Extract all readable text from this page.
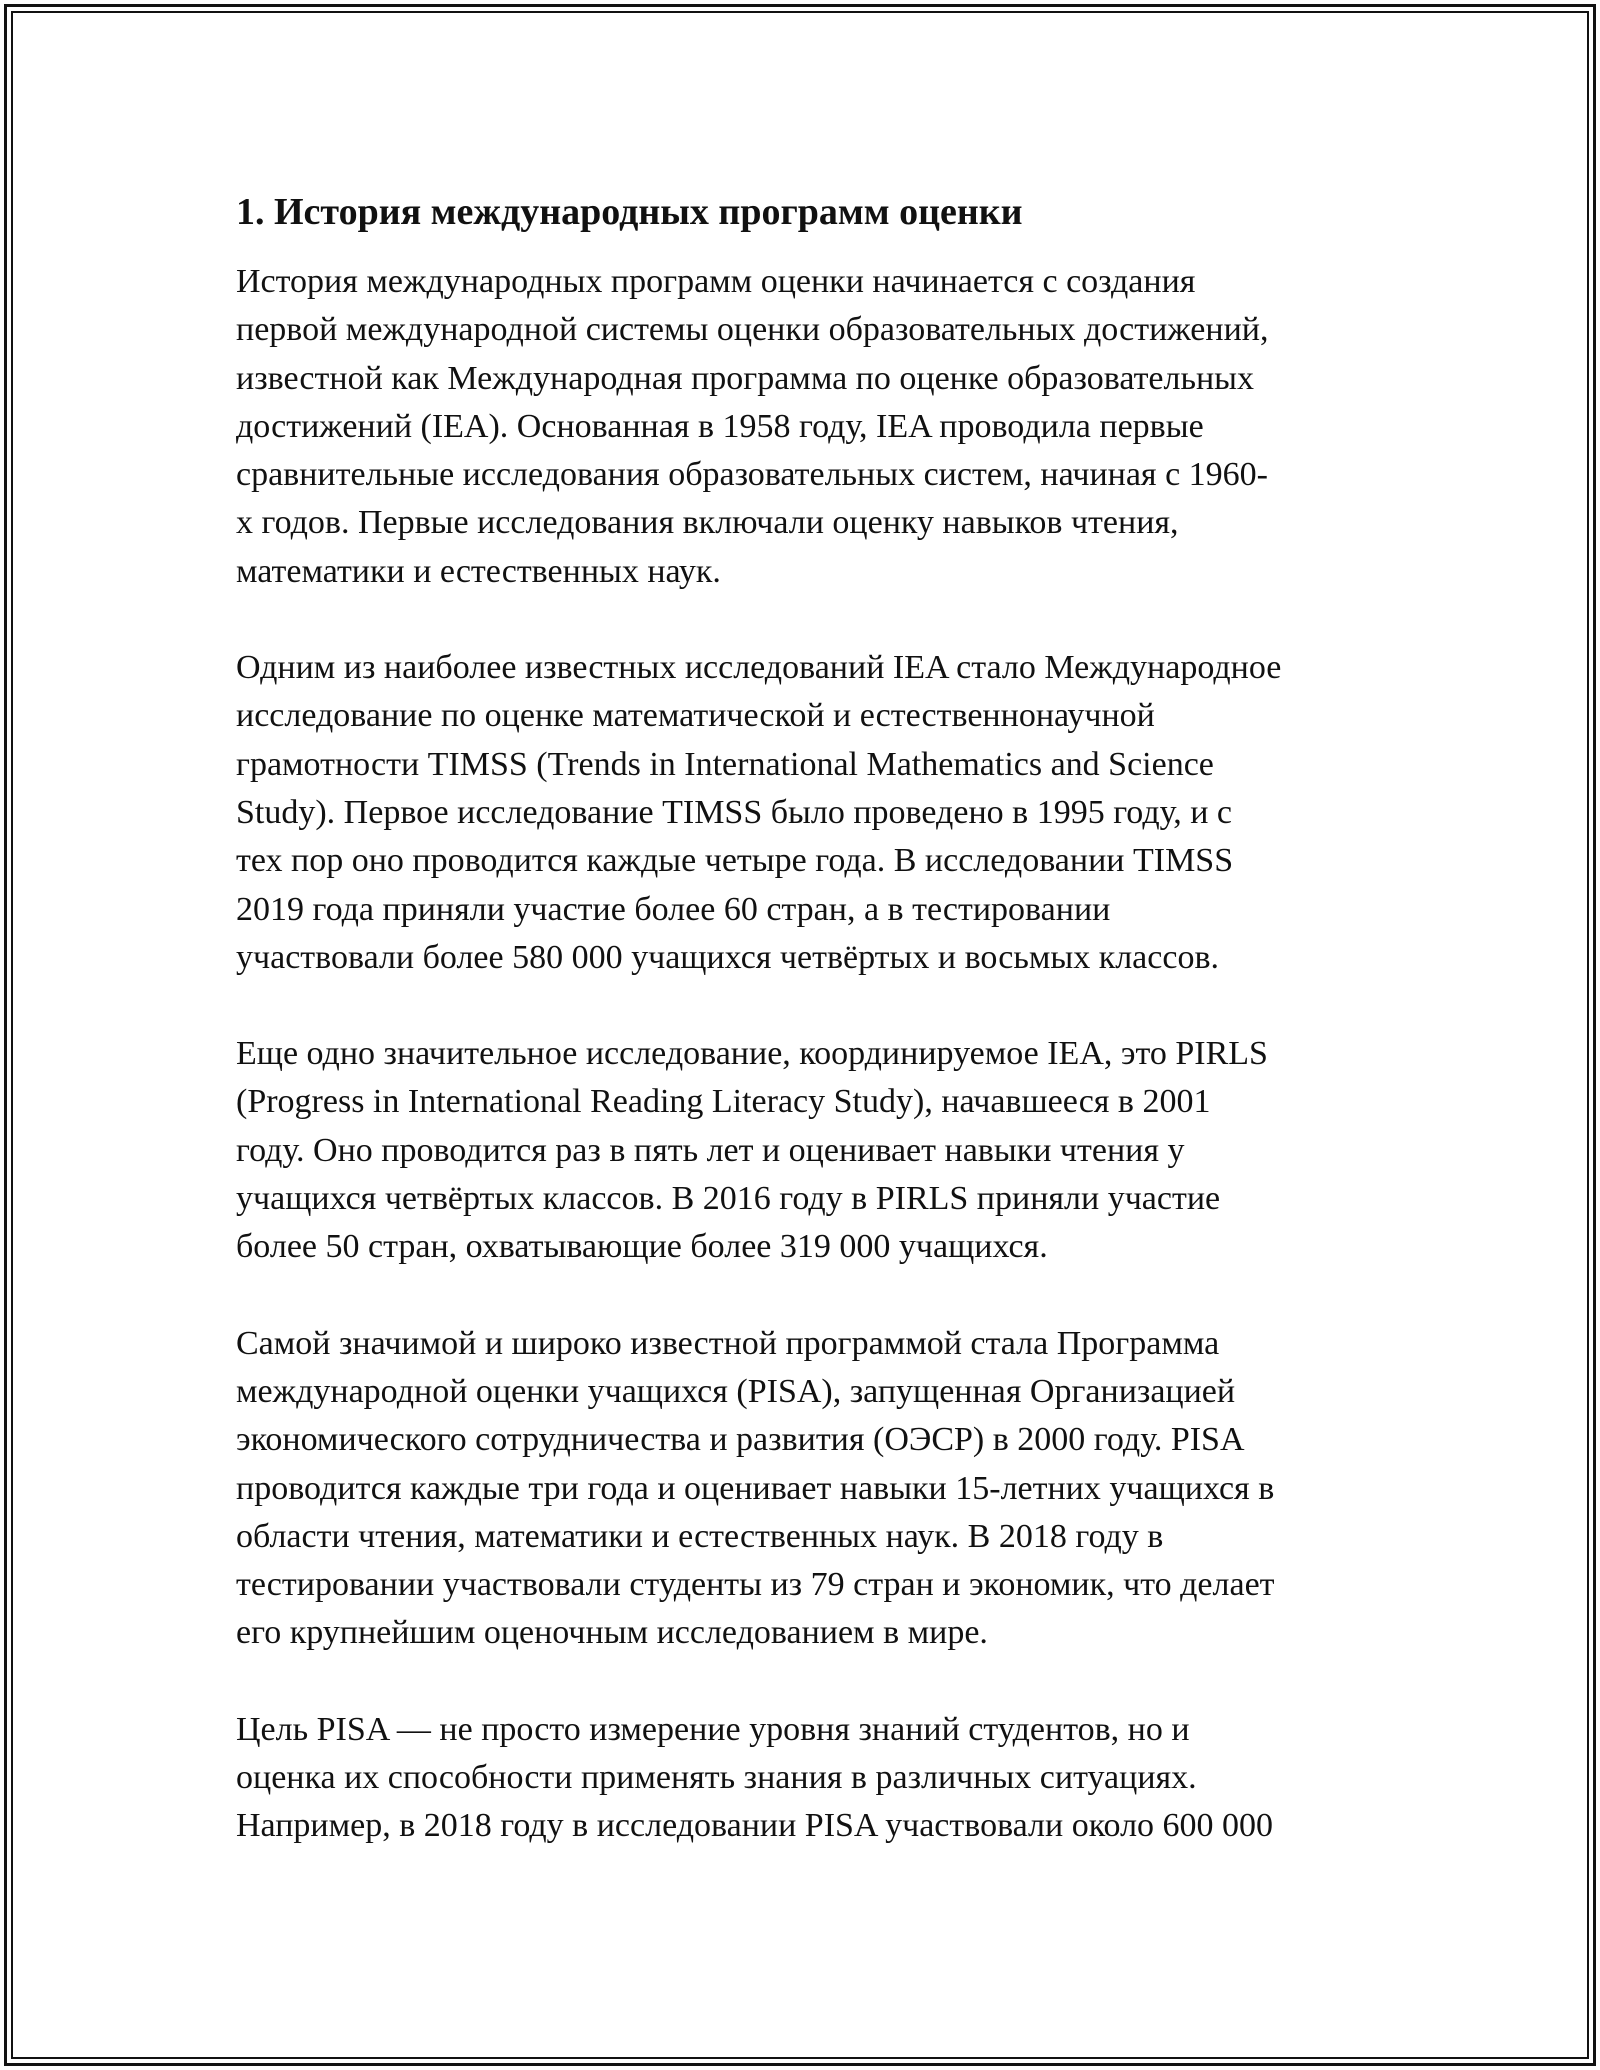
1. История международных программ оценки

История международных программ оценки начинается с создания
первой международной системы оценки образовательных достижений,
известной как Международная программа по оценке образовательных
достижений (IEA). Основанная в 1958 году, IEA проводила первые
сравнительные исследования образовательных систем, начиная с 1960-
х годов. Первые исследования включали оценку навыков чтения,
математики и естественных наук.

Одним из наиболее известных исследований IEA стало Международное
исследование по оценке математической и естественнонаучной
грамотности TIMSS (Trends in International Mathematics and Science
Study). Первое исследование TIMSS было проведено в 1995 году, и с
тех пор оно проводится каждые четыре года. В исследовании TIMSS
2019 года приняли участие более 60 стран, а в тестировании
участвовали более 580 000 учащихся четвёртых и восьмых классов.

Еще одно значительное исследование, координируемое IEA, это PIRLS
(Progress in International Reading Literacy Study), начавшееся в 2001
году. Оно проводится раз в пять лет и оценивает навыки чтения у
учащихся четвёртых классов. В 2016 году в PIRLS приняли участие
более 50 стран, охватывающие более 319 000 учащихся.

Самой значимой и широко известной программой стала Программа
международной оценки учащихся (PISA), запущенная Организацией
экономического сотрудничества и развития (ОЭСР) в 2000 году. PISA
проводится каждые три года и оценивает навыки 15-летних учащихся в
области чтения, математики и естественных наук. В 2018 году в
тестировании участвовали студенты из 79 стран и экономик, что делает
его крупнейшим оценочным исследованием в мире.

Цель PISA — не просто измерение уровня знаний студентов, но и
оценка их способности применять знания в различных ситуациях.
Например, в 2018 году в исследовании PISA участвовали около 600 000
